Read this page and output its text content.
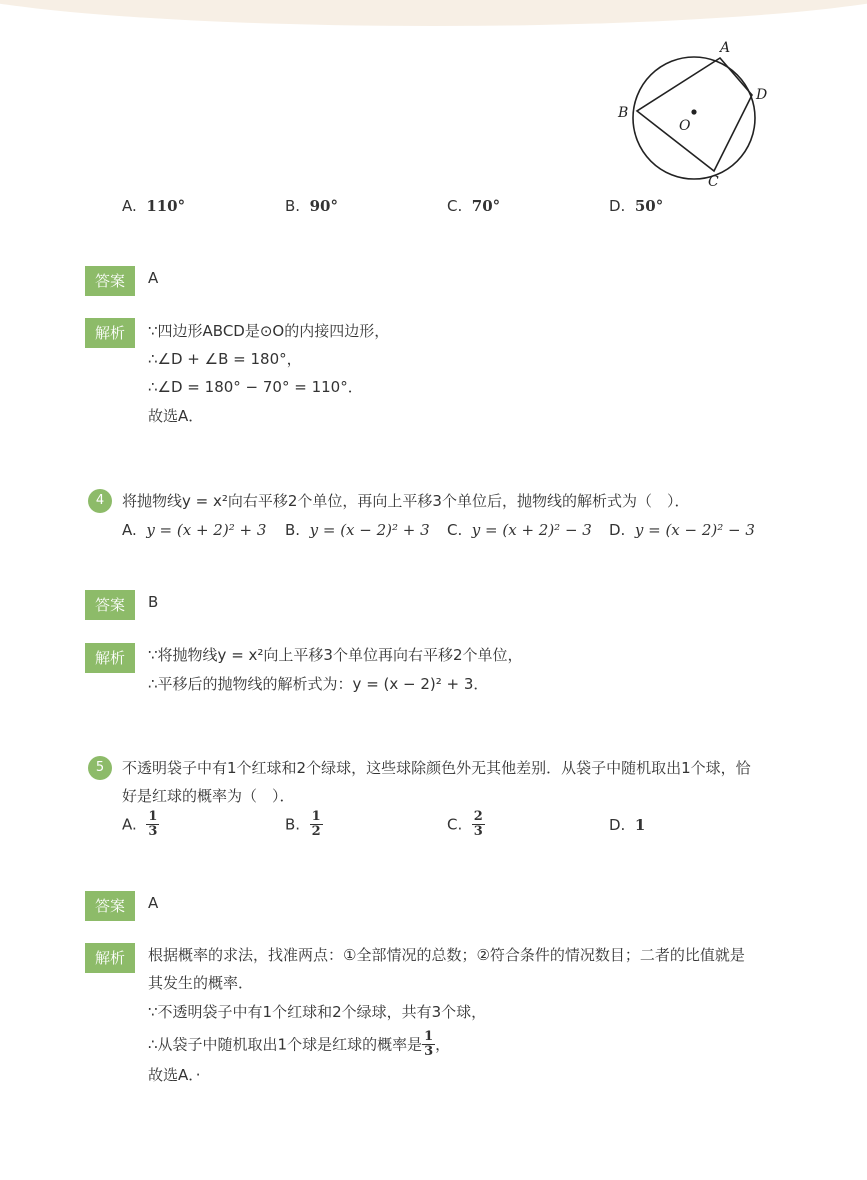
A
D
B
C
O
A. 110°	B. 90°	C. 70°	D. 50°
答案	A
解析	∵四边形ABCD是⊙O的内接四边形，
∴∠D + ∠B = 180°，
∴∠D = 180° − 70° = 110°．
故选A．
4	将抛物线y = x²向右平移2个单位，再向上平移3个单位后，抛物线的解析式为（　）．
A. y = (x + 2)² + 3 B. y = (x − 2)² + 3 C. y = (x + 2)² − 3 D. y = (x − 2)² − 3
答案	B
解析	∵将抛物线y = x²向上平移3个单位再向右平移2个单位，
∴平移后的抛物线的解析式为：y = (x − 2)² + 3．
5	不透明袋子中有1个红球和2个绿球，这些球除颜色外无其他差别．从袋子中随机取出1个球，恰
好是红球的概率为（　）．
A. $\frac{1}{3}$	B. $\frac{1}{2}$	C. $\frac{2}{3}$	D. 1
答案	A
解析	根据概率的求法，找准两点：①全部情况的总数；②符合条件的情况数目；二者的比值就是
其发生的概率．
∵不透明袋子中有1个红球和2个绿球，共有3个球，
∴从袋子中随机取出1个球是红球的概率是 $\frac{1}{3}$ ，
故选A．·
